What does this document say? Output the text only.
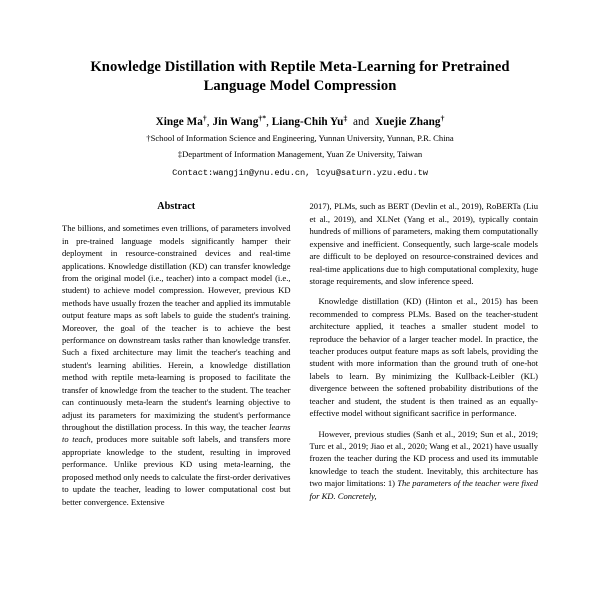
Knowledge Distillation with Reptile Meta-Learning for Pretrained Language Model Compression
Xinge Ma†, Jin Wang†*, Liang-Chih Yu‡ and Xuejie Zhang†
†School of Information Science and Engineering, Yunnan University, Yunnan, P.R. China
‡Department of Information Management, Yuan Ze University, Taiwan
Contact:wangjin@ynu.edu.cn, lcyu@saturn.yzu.edu.tw
Abstract

The billions, and sometimes even trillions, of parameters involved in pre-trained language models significantly hamper their deployment in resource-constrained devices and real-time applications. Knowledge distillation (KD) can transfer knowledge from the original model (i.e., teacher) into a compact model (i.e., student) to achieve model compression. However, previous KD methods have usually frozen the teacher and applied its immutable output feature maps as soft labels to guide the student's training. Moreover, the goal of the teacher is to achieve the best performance on downstream tasks rather than knowledge transfer. Such a fixed architecture may limit the teacher's teaching and student's learning abilities. Herein, a knowledge distillation method with reptile meta-learning is proposed to facilitate the transfer of knowledge from the teacher to the student. The teacher can continuously meta-learn the student's learning objective to adjust its parameters for maximizing the student's performance throughout the distillation process. In this way, the teacher learns to teach, produces more suitable soft labels, and transfers more appropriate knowledge to the student, resulting in improved performance. Unlike previous KD using meta-learning, the proposed method only needs to calculate the first-order derivatives to update the teacher, leading to lower computational cost but better convergence. Extensive

2017), PLMs, such as BERT (Devlin et al., 2019), RoBERTa (Liu et al., 2019), and XLNet (Yang et al., 2019), typically contain hundreds of millions of parameters, making them computationally expensive and inefficient. Consequently, such large-scale models are difficult to be deployed on resource-constrained devices and real-time applications due to high computational complexity, huge storage requirements, and slow inference speed.

Knowledge distillation (KD) (Hinton et al., 2015) has been recommended to compress PLMs. Based on the teacher-student architecture applied, it teaches a smaller student model to reproduce the behavior of a larger teacher model. In practice, the teacher produces output feature maps as soft labels, providing the student with more information than the ground truth of one-hot labels to learn. By minimizing the Kullback-Leibler (KL) divergence between the softened probability distributions of the teacher and student, the student is then trained as an equally-effective model without significant sacrifice in performance.

However, previous studies (Sanh et al., 2019; Sun et al., 2019; Turc et al., 2019; Jiao et al., 2020; Wang et al., 2021) have usually frozen the teacher during the KD process and used its immutable knowledge to teach the student. Inevitably, this architecture has two major limitations: 1) The parameters of the teacher were fixed for KD. Concretely,
